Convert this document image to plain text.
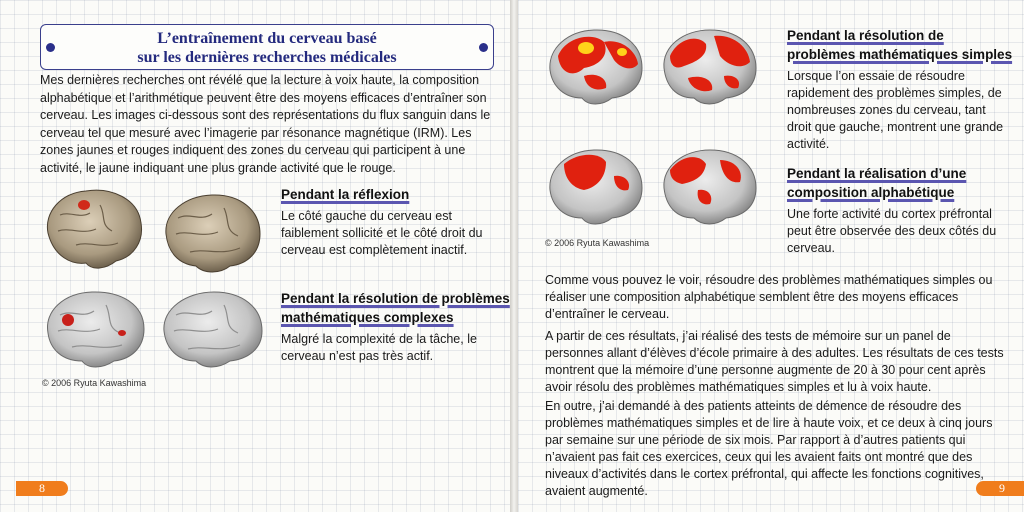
L’entraînement du cerveau basé
sur les dernières recherches médicales
Mes dernières recherches ont révélé que la lecture à voix haute, la composition alphabétique et l’arithmétique peuvent être des moyens efficaces d’entraîner son cerveau. Les images ci-dessous sont des représentations du flux sanguin dans le cerveau tel que mesuré avec l’imagerie par résonance magnétique (IRM). Les zones jaunes et rouges indiquent des zones du cerveau qui participent à une activité, le jaune indiquant une plus grande activité que le rouge.
Pendant la réflexion
Le côté gauche du cerveau est faiblement sollicité et le côté droit du cerveau est complètement inactif.
Pendant la résolution de problèmes
mathématiques complexes
Malgré la complexité de la tâche, le cerveau n’est pas très actif.
© 2006 Ryuta Kawashima
8
Pendant la résolution de
problèmes mathématiques simples
Lorsque l’on essaie de résoudre rapidement des problèmes simples, de nombreuses zones du cerveau, tant droit que gauche, montrent une grande activité.
© 2006 Ryuta Kawashima
Pendant la réalisation d’une
composition alphabétique
Une forte activité du cortex préfrontal peut être observée des deux côtés du cerveau.
Comme vous pouvez le voir, résoudre des problèmes mathématiques simples ou réaliser une composition alphabétique semblent être des moyens efficaces d’entraîner le cerveau.
A partir de ces résultats, j’ai réalisé des tests de mémoire sur un panel de personnes allant d’élèves d’école primaire à des adultes. Les résultats de ces tests montrent que la mémoire d’une personne augmente de 20 à 30 pour cent après avoir résolu des problèmes mathématiques simples et lu à voix haute.
En outre, j’ai demandé à des patients atteints de démence de résoudre des problèmes mathématiques simples et de lire à haute voix, et ce deux à cinq jours par semaine sur une période de six mois. Par rapport à d’autres patients qui n’avaient pas fait ces exercices, ceux qui les avaient faits ont montré que des niveaux d’activités dans le cortex préfrontal, qui affecte les fonctions cognitives, avaient augmenté.	9
